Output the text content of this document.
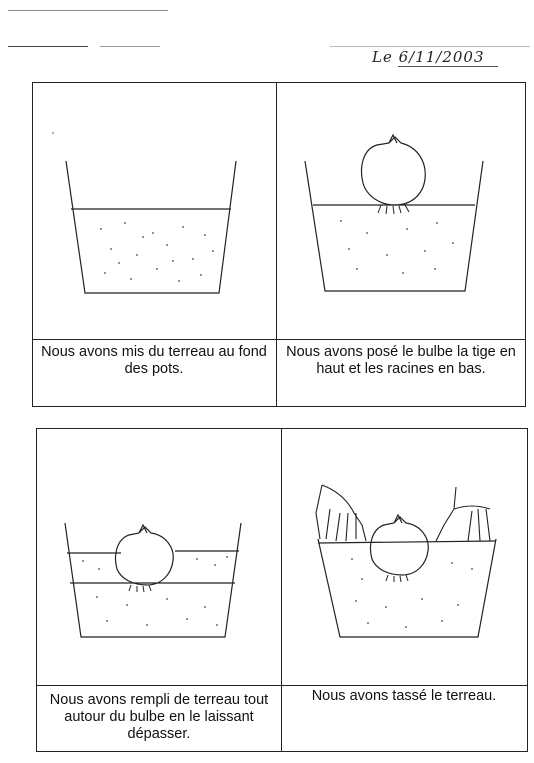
Le 6/11/2003
Nous avons mis du terreau au fond des pots.
Nous avons posé le bulbe la tige en haut et les racines en bas.
Nous avons rempli de terreau tout autour du bulbe en le laissant dépasser.
Nous avons tassé le terreau.
